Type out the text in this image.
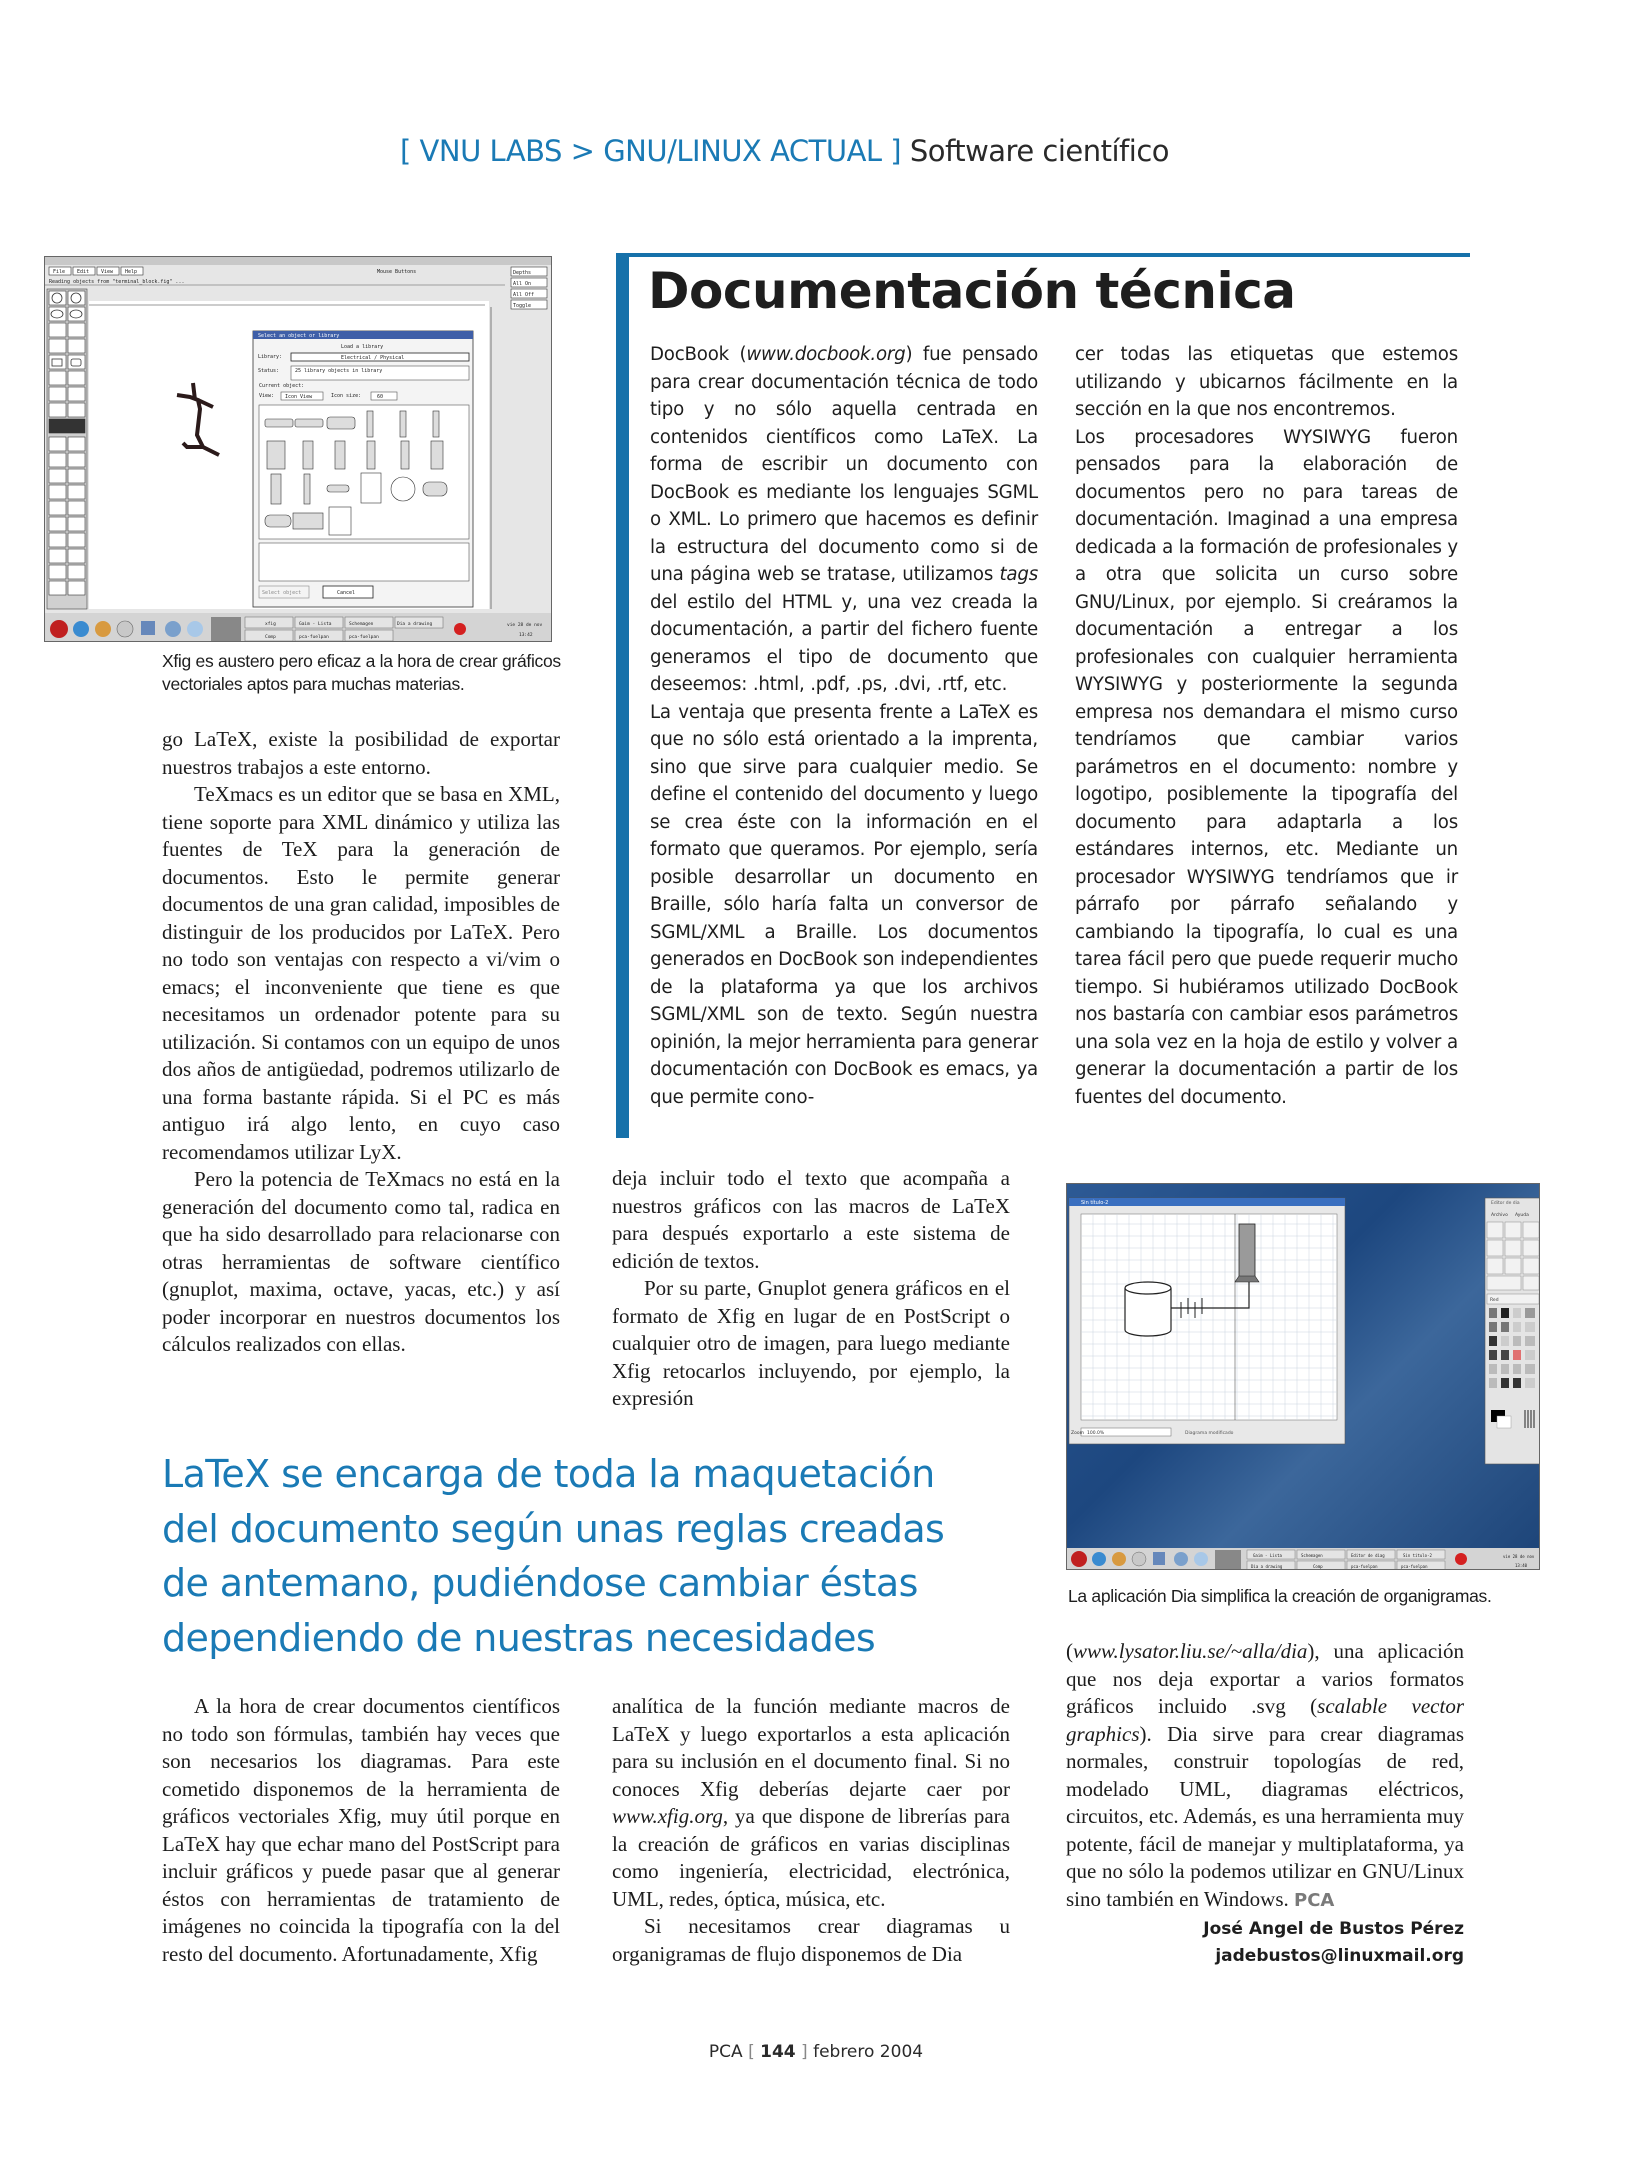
[ VNU LABS > GNU/LINUX ACTUAL ] Software científico
File Edit View Help
Reading objects from "terminal_block.fig" ...
Mouse Buttons	Depths
All On
All Off
Toggle
Select an object or library
Load a library
Library:	Electrical / Physical
Status:	25 library objects in library
Current object:
View: Icon View	Icon size:	60
Select object	Cancel
xfig	Gaim - Lista	Schemagen	Dia a drawing
Comp	pca-fuelpan	pca-fuelpan
vie 28 de nov
13:42
Xfig es austero pero eficaz a la hora de crear gráficos
vectoriales aptos para muchas materias.

go LaTeX, existe la posibilidad de exportar nuestros trabajos a este entorno.

TeXmacs es un editor que se basa en XML, tiene soporte para XML dinámico y utiliza las fuentes de TeX para la generación de documentos. Esto le permite generar documentos de una gran calidad, imposibles de distinguir de los producidos por LaTeX. Pero no todo son ventajas con respecto a vi/vim o emacs; el inconveniente que tiene es que necesitamos un ordenador potente para su utilización. Si contamos con un equipo de unos dos años de antigüedad, podremos utilizarlo de una forma bastante rápida. Si el PC es más antiguo irá algo lento, en cuyo caso recomendamos utilizar LyX.

Pero la potencia de TeXmacs no está en la generación del documento como tal, radica en que ha sido desarrollado para relacionarse con otras herramientas de software científico (gnuplot, maxima, octave, yacas, etc.) y así poder incorporar en nuestros documentos los cálculos realizados con ellas.

Documentación técnica

DocBook (www.docbook.org) fue pensado para crear documentación técnica de todo tipo y no sólo aquella centrada en contenidos científicos como LaTeX. La forma de escribir un documento con DocBook es mediante los lenguajes SGML o XML. Lo primero que hacemos es definir la estructura del documento como si de una página web se tratase, utilizamos tags del estilo del HTML y, una vez creada la documentación, a partir del fichero fuente generamos el tipo de documento que deseemos: .html, .pdf, .ps, .dvi, .rtf, etc.

La ventaja que presenta frente a LaTeX es que no sólo está orientado a la imprenta, sino que sirve para cualquier medio. Se define el contenido del documento y luego se crea éste con la información en el formato que queramos. Por ejemplo, sería posible desarrollar un documento en Braille, sólo haría falta un conversor de SGML/XML a Braille. Los documentos generados en DocBook son independientes de la plataforma ya que los archivos SGML/XML son de texto. Según nuestra opinión, la mejor herramienta para generar documentación con DocBook es emacs, ya que permite cono-

cer todas las etiquetas que estemos utilizando y ubicarnos fácilmente en la sección en la que nos encontremos.

Los procesadores WYSIWYG fueron pensados para la elaboración de documentos pero no para tareas de documentación. Imaginad a una empresa dedicada a la formación de profesionales y a otra que solicita un curso sobre GNU/Linux, por ejemplo. Si creáramos la documentación a entregar a los profesionales con cualquier herramienta WYSIWYG y posteriormente la segunda empresa nos demandara el mismo curso tendríamos que cambiar varios parámetros en el documento: nombre y logotipo, posiblemente la tipografía del documento para adaptarla a los estándares internos, etc. Mediante un procesador WYSIWYG tendríamos que ir párrafo por párrafo señalando y cambiando la tipografía, lo cual es una tarea fácil pero que puede requerir mucho tiempo. Si hubiéramos utilizado DocBook nos bastaría con cambiar esos parámetros una sola vez en la hoja de estilo y volver a generar la documentación a partir de los fuentes del documento.

deja incluir todo el texto que acompaña a nuestros gráficos con las macros de LaTeX para después exportarlo a este sistema de edición de textos.

Por su parte, Gnuplot genera gráficos en el formato de Xfig en lugar de en PostScript o cualquier otro de imagen, para luego mediante Xfig retocarlos incluyendo, por ejemplo, la expresión

Sin título-2
Zoom 100.0%	Diagrama modificado
Editor de dia
Archivo Ayuda
Red
Gaim - Lista	Schemagen	Editor de diag	Sin título-2
Dia a drawing	Comp	pca-fuelpan	pca-fuelpan
vie 28 de nov
13:40
La aplicación Dia simplifica la creación de organigramas.
LaTeX se encarga de toda la maquetación del documento según unas reglas creadas de antemano, pudiéndose cambiar éstas dependiendo de nuestras necesidades

A la hora de crear documentos científicos no todo son fórmulas, también hay veces que son necesarios los diagramas. Para este cometido disponemos de la herramienta de gráficos vectoriales Xfig, muy útil porque en LaTeX hay que echar mano del PostScript para incluir gráficos y puede pasar que al generar éstos con herramientas de tratamiento de imágenes no coincida la tipografía con la del resto del documento. Afortunadamente, Xfig

analítica de la función mediante macros de LaTeX y luego exportarlos a esta aplicación para su inclusión en el documento final. Si no conoces Xfig deberías dejarte caer por www.xfig.org, ya que dispone de librerías para la creación de gráficos en varias disciplinas como ingeniería, electricidad, electrónica, UML, redes, óptica, música, etc.

Si necesitamos crear diagramas u organigramas de flujo disponemos de Dia

(www.lysator.liu.se/~alla/dia), una aplicación que nos deja exportar a varios formatos gráficos incluido .svg (scalable vector graphics). Dia sirve para crear diagramas normales, construir topologías de red, modelado UML, diagramas eléctricos, circuitos, etc. Además, es una herramienta muy potente, fácil de manejar y multiplataforma, ya que no sólo la podemos utilizar en GNU/Linux sino también en Windows. PCA

José Angel de Bustos Pérez
jadebustos@linuxmail.org
PCA [ 144 ] febrero 2004
